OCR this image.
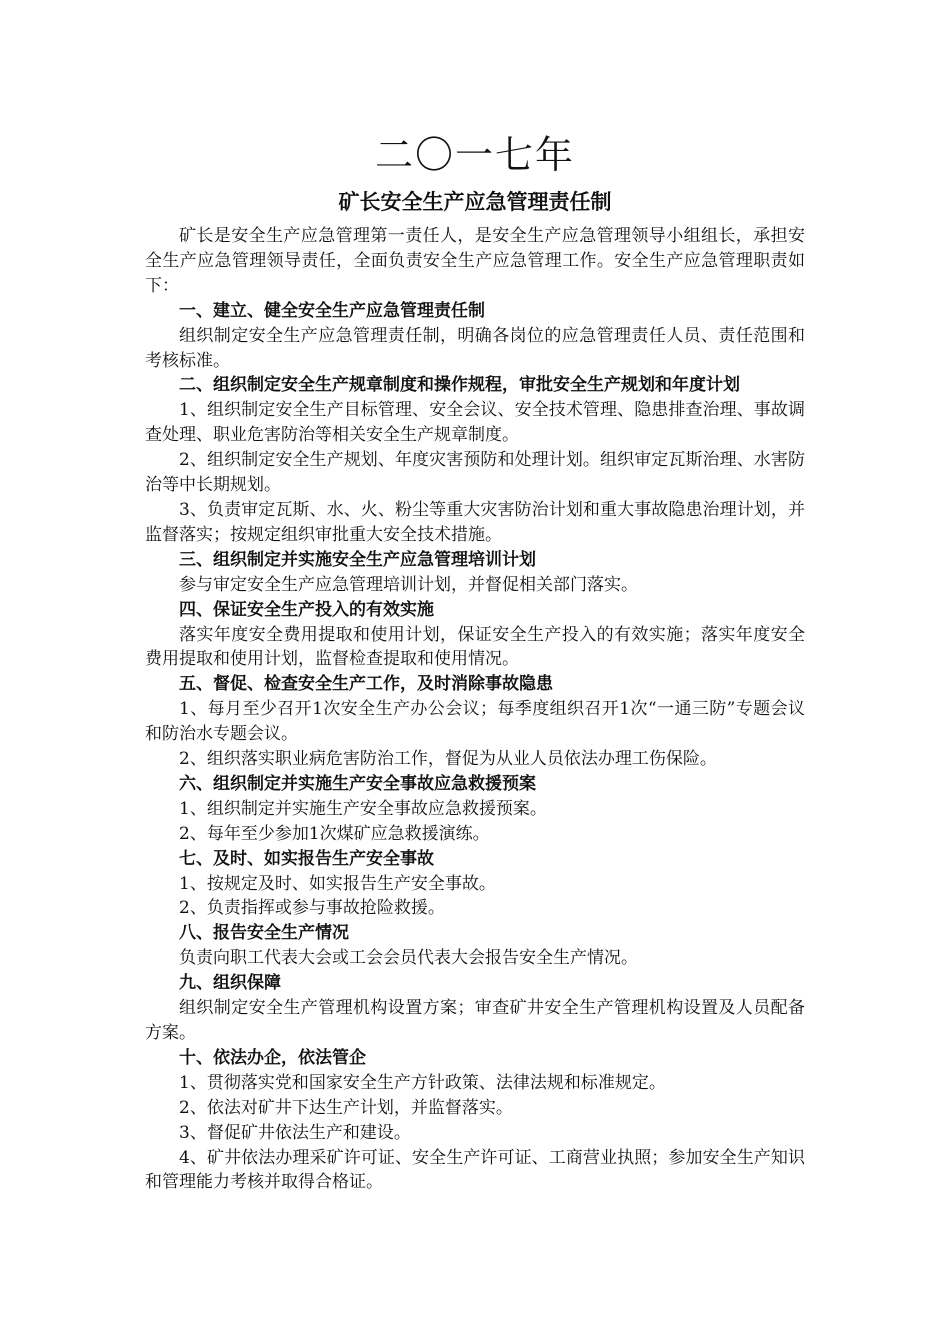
二〇一七年
矿长安全生产应急管理责任制

矿长是安全生产应急管理第一责任人，是安全生产应急管理领导小组组长，承担安全生产应急管理领导责任，全面负责安全生产应急管理工作。安全生产应急管理职责如下：

一、建立、健全安全生产应急管理责任制

组织制定安全生产应急管理责任制，明确各岗位的应急管理责任人员、责任范围和考核标准。

二、组织制定安全生产规章制度和操作规程，审批安全生产规划和年度计划

1、组织制定安全生产目标管理、安全会议、安全技术管理、隐患排查治理、事故调查处理、职业危害防治等相关安全生产规章制度。

2、组织制定安全生产规划、年度灾害预防和处理计划。组织审定瓦斯治理、水害防治等中长期规划。

3、负责审定瓦斯、水、火、粉尘等重大灾害防治计划和重大事故隐患治理计划，并监督落实；按规定组织审批重大安全技术措施。

三、组织制定并实施安全生产应急管理培训计划

参与审定安全生产应急管理培训计划，并督促相关部门落实。

四、保证安全生产投入的有效实施

落实年度安全费用提取和使用计划，保证安全生产投入的有效实施；落实年度安全费用提取和使用计划，监督检查提取和使用情况。

五、督促、检查安全生产工作，及时消除事故隐患

1、每月至少召开1次安全生产办公会议；每季度组织召开1次“一通三防”专题会议和防治水专题会议。

2、组织落实职业病危害防治工作，督促为从业人员依法办理工伤保险。

六、组织制定并实施生产安全事故应急救援预案

1、组织制定并实施生产安全事故应急救援预案。

2、每年至少参加1次煤矿应急救援演练。

七、及时、如实报告生产安全事故

1、按规定及时、如实报告生产安全事故。

2、负责指挥或参与事故抢险救援。

八、报告安全生产情况

负责向职工代表大会或工会会员代表大会报告安全生产情况。

九、组织保障

组织制定安全生产管理机构设置方案；审查矿井安全生产管理机构设置及人员配备方案。

十、依法办企，依法管企

1、贯彻落实党和国家安全生产方针政策、法律法规和标准规定。

2、依法对矿井下达生产计划，并监督落实。

3、督促矿井依法生产和建设。

4、矿井依法办理采矿许可证、安全生产许可证、工商营业执照；参加安全生产知识和管理能力考核并取得合格证。
